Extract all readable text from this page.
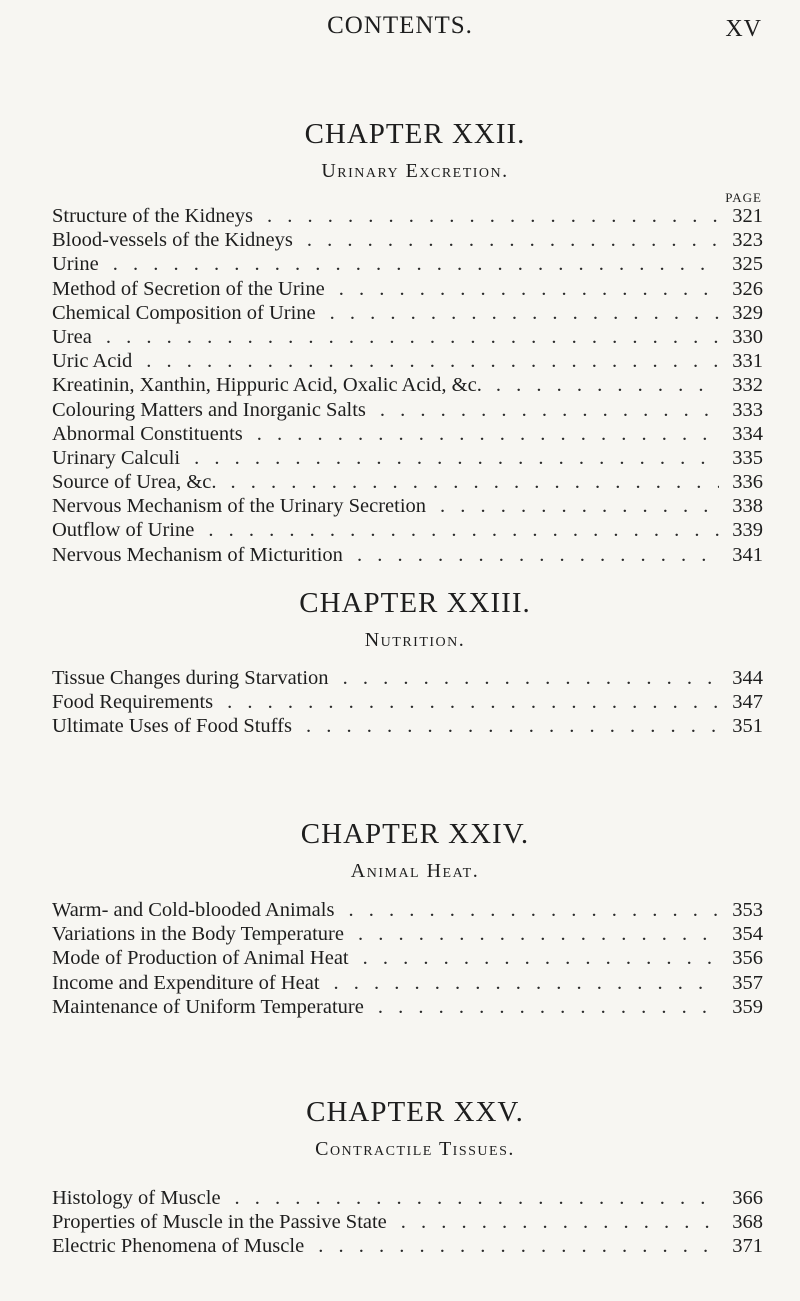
CONTENTS.	XV
CHAPTER XXII.
Urinary Excretion.
PAGE
Structure of the Kidneys . . .	321
Blood-vessels of the Kidneys . . .	323
Urine . . .	325
Method of Secretion of the Urine . . .	326
Chemical Composition of Urine . . .	329
Urea . . .	330
Uric Acid . . .	331
Kreatinin, Xanthin, Hippuric Acid, Oxalic Acid, &c. . . .	332
Colouring Matters and Inorganic Salts . . .	333
Abnormal Constituents . . .	334
Urinary Calculi . . .	335
Source of Urea, &c. . . .	336
Nervous Mechanism of the Urinary Secretion . . .	338
Outflow of Urine . . .	339
Nervous Mechanism of Micturition . . .	341
CHAPTER XXIII.
Nutrition.
Tissue Changes during Starvation . . .	344
Food Requirements . . .	347
Ultimate Uses of Food Stuffs . . .	351
CHAPTER XXIV.
Animal Heat.
Warm- and Cold-blooded Animals . . .	353
Variations in the Body Temperature . . .	354
Mode of Production of Animal Heat . . .	356
Income and Expenditure of Heat . . .	357
Maintenance of Uniform Temperature . . .	359
CHAPTER XXV.
Contractile Tissues.
Histology of Muscle . . .	366
Properties of Muscle in the Passive State . . .	368
Electric Phenomena of Muscle . . .	371
